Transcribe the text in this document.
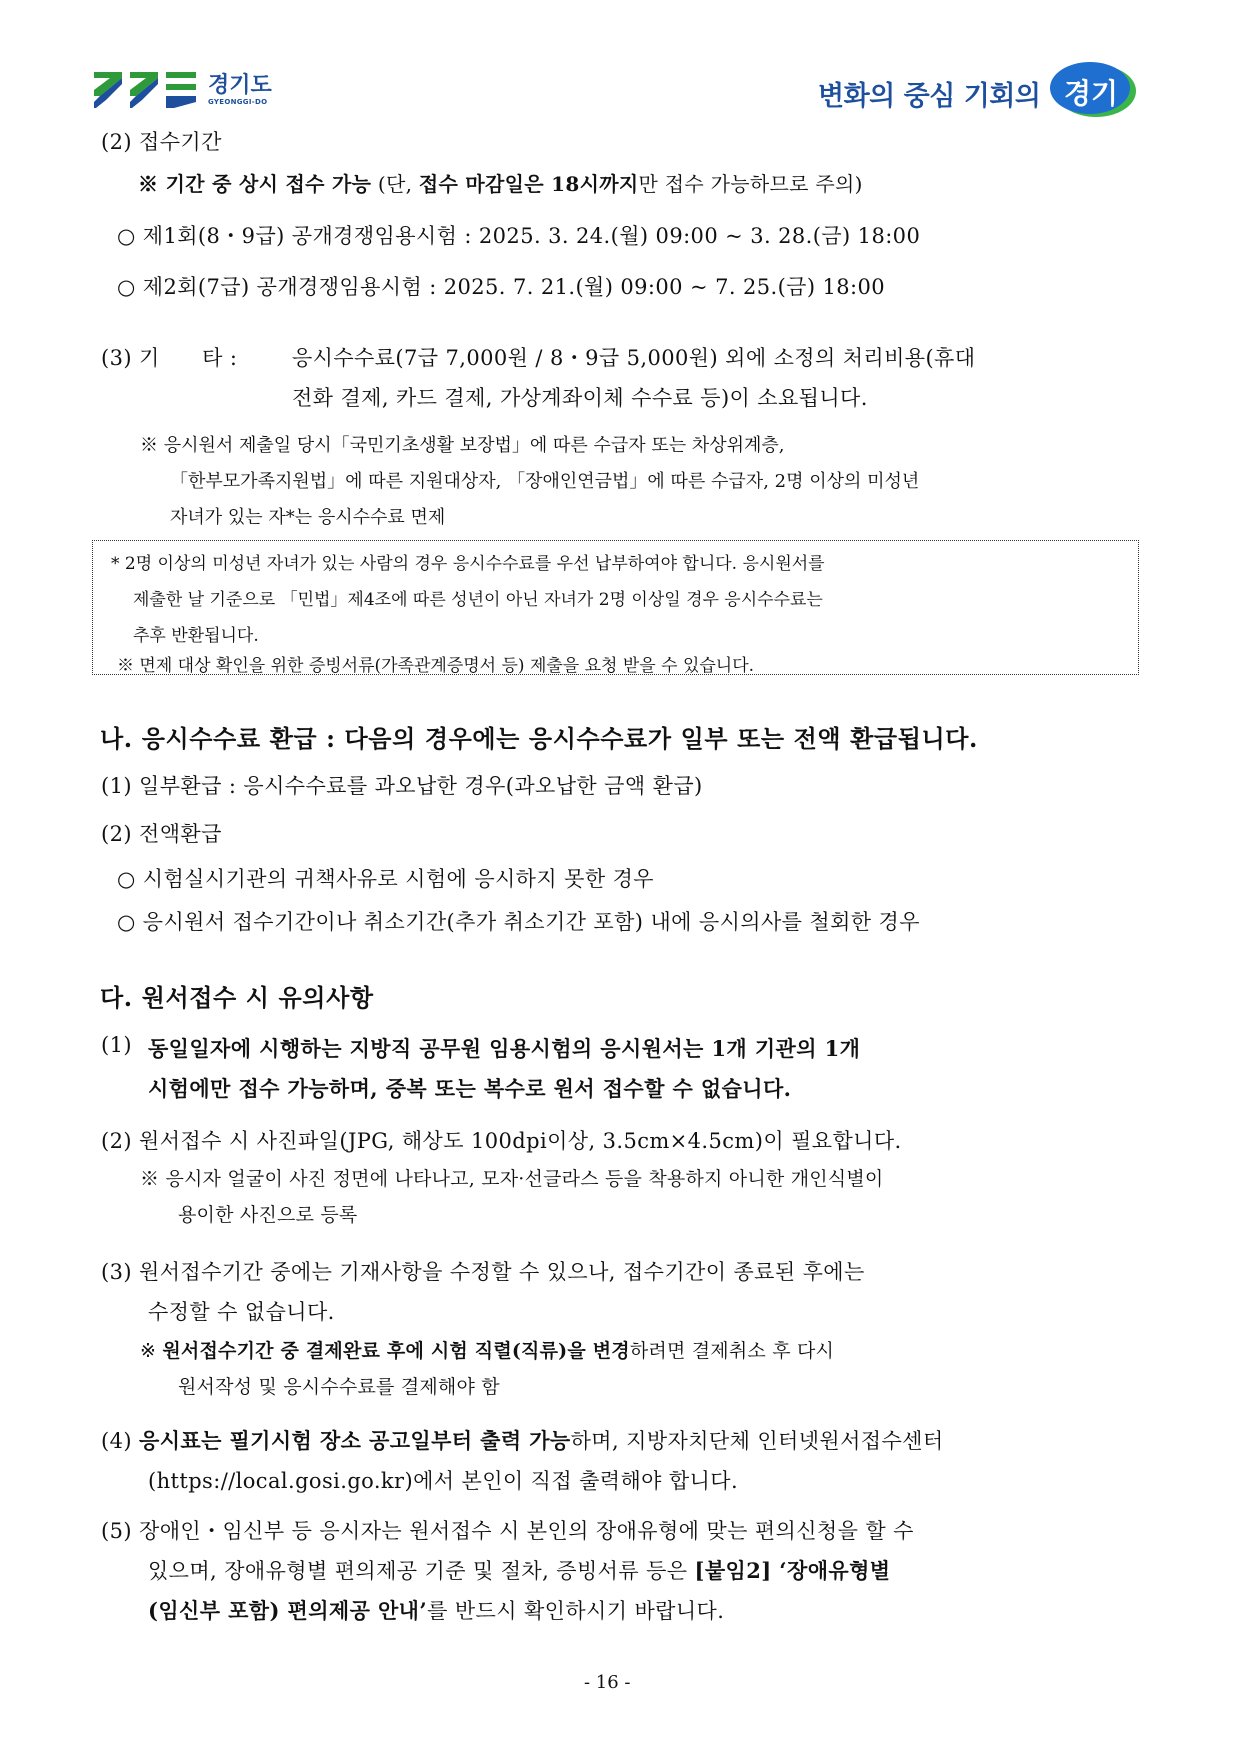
경기도
GYEONGGI-DO	변화의 중심 기회의 경기
(2) 접수기간
※ 기간 중 상시 접수 가능 (단, 접수 마감일은 18시까지만 접수 가능하므로 주의)
○ 제1회(8・9급) 공개경쟁임용시험 : 2025. 3. 24.(월) 09:00 ~ 3. 28.(금) 18:00
○ 제2회(7급) 공개경쟁임용시험 : 2025. 7. 21.(월) 09:00 ~ 7. 25.(금) 18:00
(3) 기      타 :	응시수수료(7급 7,000원 / 8・9급 5,000원) 외에 소정의 처리비용(휴대
전화 결제, 카드 결제, 가상계좌이체 수수료 등)이 소요됩니다.
※ 응시원서 제출일 당시「국민기초생활 보장법」에 따른 수급자 또는 차상위계층,
「한부모가족지원법」에 따른 지원대상자, 「장애인연금법」에 따른 수급자, 2명 이상의 미성년
자녀가 있는 자*는 응시수수료 면제
* 2명 이상의 미성년 자녀가 있는 사람의 경우 응시수수료를 우선 납부하여야 합니다. 응시원서를
제출한 날 기준으로 「민법」제4조에 따른 성년이 아닌 자녀가 2명 이상일 경우 응시수수료는
추후 반환됩니다.
※ 면제 대상 확인을 위한 증빙서류(가족관계증명서 등) 제출을 요청 받을 수 있습니다.
나. 응시수수료 환급 : 다음의 경우에는 응시수수료가 일부 또는 전액 환급됩니다.
(1) 일부환급 : 응시수수료를 과오납한 경우(과오납한 금액 환급)
(2) 전액환급
○ 시험실시기관의 귀책사유로 시험에 응시하지 못한 경우
○ 응시원서 접수기간이나 취소기간(추가 취소기간 포함) 내에 응시의사를 철회한 경우
다. 원서접수 시 유의사항
(1) 동일일자에 시행하는 지방직 공무원 임용시험의 응시원서는 1개 기관의 1개
시험에만 접수 가능하며, 중복 또는 복수로 원서 접수할 수 없습니다.
(2) 원서접수 시 사진파일(JPG, 해상도 100dpi이상, 3.5cm×4.5cm)이 필요합니다.
※ 응시자 얼굴이 사진 정면에 나타나고, 모자·선글라스 등을 착용하지 아니한 개인식별이
용이한 사진으로 등록
(3) 원서접수기간 중에는 기재사항을 수정할 수 있으나, 접수기간이 종료된 후에는
수정할 수 없습니다.
※ 원서접수기간 중 결제완료 후에 시험 직렬(직류)을 변경하려면 결제취소 후 다시
원서작성 및 응시수수료를 결제해야 함
(4) 응시표는 필기시험 장소 공고일부터 출력 가능하며, 지방자치단체 인터넷원서접수센터
(https://local.gosi.go.kr)에서 본인이 직접 출력해야 합니다.
(5) 장애인・임신부 등 응시자는 원서접수 시 본인의 장애유형에 맞는 편의신청을 할 수
있으며, 장애유형별 편의제공 기준 및 절차, 증빙서류 등은 [붙임2] ‘장애유형별
(임신부 포함) 편의제공 안내’를 반드시 확인하시기 바랍니다.
- 16 -
